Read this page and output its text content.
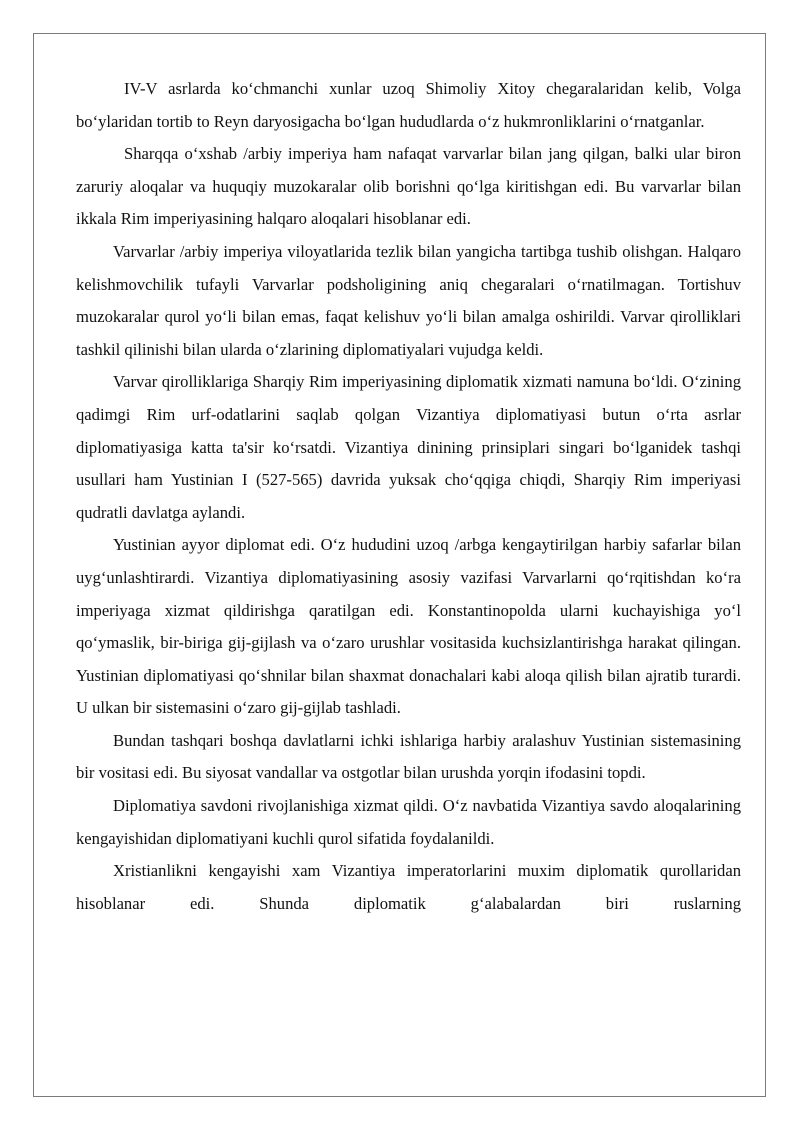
IV-V asrlarda ko‘chmanchi xunlar uzoq Shimoliy Xitoy chegaralaridan kelib, Volga bo‘ylaridan tortib to Reyn daryosigacha bo‘lgan hududlarda o‘z hukmronliklarini o‘rnatganlar.

Sharqqa o‘xshab /arbiy imperiya ham nafaqat varvarlar bilan jang qilgan, balki ular biron zaruriy aloqalar va huquqiy muzokaralar olib borishni qo‘lga kiritishgan edi. Bu varvarlar bilan ikkala Rim imperiyasining halqaro aloqalari hisoblanar edi.

Varvarlar /arbiy imperiya viloyatlarida tezlik bilan yangicha tartibga tushib olishgan. Halqaro kelishmovchilik tufayli Varvarlar podsholigining aniq chegaralari o‘rnatilmagan. Tortishuv muzokaralar qurol yo‘li bilan emas, faqat kelishuv yo‘li bilan amalga oshirildi. Varvar qirolliklari tashkil qilinishi bilan ularda o‘zlarining diplomatiyalari vujudga keldi.

Varvar qirolliklariga Sharqiy Rim imperiyasining diplomatik xizmati namuna bo‘ldi. O‘zining qadimgi Rim urf-odatlarini saqlab qolgan Vizantiya diplomatiyasi butun o‘rta asrlar diplomatiyasiga katta ta'sir ko‘rsatdi. Vizantiya dinining prinsiplari singari bo‘lganidek tashqi usullari ham Yustinian I (527-565) davrida yuksak cho‘qqiga chiqdi, Sharqiy Rim imperiyasi qudratli davlatga aylandi.

Yustinian ayyor diplomat edi. O‘z hududini uzoq /arbga kengaytirilgan harbiy safarlar bilan uyg‘unlashtirardi. Vizantiya diplomatiyasining asosiy vazifasi Varvarlarni qo‘rqitishdan ko‘ra imperiyaga xizmat qildirishga qaratilgan edi. Konstantinopolda ularni kuchayishiga yo‘l qo‘ymaslik, bir-biriga gij-gijlash va o‘zaro urushlar vositasida kuchsizlantirishga harakat qilingan. Yustinian diplomatiyasi qo‘shnilar bilan shaxmat donachalari kabi aloqa qilish bilan ajratib turardi. U ulkan bir sistemasini o‘zaro gij-gijlab tashladi.

Bundan tashqari boshqa davlatlarni ichki ishlariga harbiy aralashuv Yustinian sistemasining bir vositasi edi. Bu siyosat vandallar va ostgotlar bilan urushda yorqin ifodasini topdi.

Diplomatiya savdoni rivojlanishiga xizmat qildi. O‘z navbatida Vizantiya savdo aloqalarining kengayishidan diplomatiyani kuchli qurol sifatida foydalanildi.

Xristianlikni kengayishi xam Vizantiya imperatorlarini muxim diplomatik qurollaridan hisoblanar edi. Shunda diplomatik g‘alabalardan biri ruslarning
